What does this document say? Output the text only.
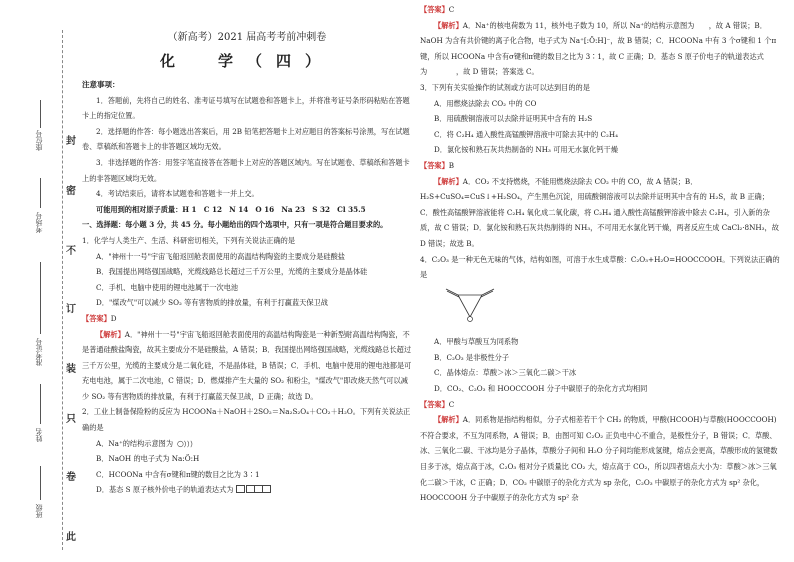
封
密
不
订
装
只
卷
此
座位号
考场号
准考证号
姓名
班级
（新高考）2021 届高考考前冲刺卷
化　学（四）
注意事项：

1．答题前，先将自己的姓名、准考证号填写在试题卷和答题卡上，并将准考证号条形码粘贴在答题卡上的指定位置。

2．选择题的作答：每小题选出答案后，用 2B 铅笔把答题卡上对应题目的答案标号涂黑，写在试题卷、草稿纸和答题卡上的非答题区域均无效。

3．非选择题的作答：用签字笔直接答在答题卡上对应的答题区域内。写在试题卷、草稿纸和答题卡上的非答题区域均无效。

4．考试结束后，请将本试题卷和答题卡一并上交。

可能用到的相对原子质量：H 1　C 12　N 14　O 16　Na 23　S 32　Cl 35.5

一、选择题：每小题 3 分，共 45 分。每小题给出的四个选项中，只有一项是符合题目要求的。

1．化学与人类生产、生活、科研密切相关，下列有关说法正确的是

A．"神州十一号"宇宙飞船返回舱表面使用的高温结构陶瓷的主要成分是硅酸盐

B．我国提出网络强国战略，光缆线路总长超过三千万公里，光缆的主要成分是晶体硅

C．手机、电脑中使用的锂电池属于一次电池

D．"煤改气"可以减少 SO₂ 等有害物质的排放量，有利于打赢蓝天保卫战

【答案】D

【解析】A．"神州十一号"宇宙飞船返回舱表面使用的高温结构陶瓷是一种新型耐高温结构陶瓷，不是普通硅酸盐陶瓷，故其主要成分不是硅酸盐，A 错误；B．我国提出网络强国战略，光缆线路总长超过三千万公里，光缆的主要成分是二氧化硅，不是晶体硅，B 错误；C．手机、电脑中使用的锂电池都是可充电电池，属于二次电池，C 错误；D．燃煤排产生大量的 SO₂ 和粉尘，"煤改气"即改烧天然气可以减少 SO₂ 等有害物质的排放量，有利于打赢蓝天保卫战，D 正确；故选 D。

2．工业上制备保险粉的反应为 HCOONa＋NaOH＋2SO₂＝Na₂S₂O₄＋CO₂＋H₂O。下列有关说法正确的是

A．Na⁺的结构示意图为

B．NaOH 的电子式为 Na:Ö:H

C．HCOONa 中含有σ键和π键的数目之比为 3∶1

D．基态 S 原子核外价电子的轨道表达式为

【答案】C

【解析】A．Na⁺的核电荷数为 11，核外电子数为 10，所以 Na⁺的结构示意图为　　，故 A 错误；B．NaOH 为含有共价键的离子化合物，电子式为 Na⁺[:Ö:H]⁻，故 B 错误；C．HCOONa 中有 3 个σ键和 1 个π键，所以 HCOONa 中含有σ键和π键的数目之比为 3∶1，故 C 正确；D．基态 S 原子价电子的轨道表达式为　　　　，故 D 错误；答案选 C。

3．下列有关实验操作的试剂或方法可以达到目的的是

A．用燃烧法除去 CO₂ 中的 CO

B．用硫酸铜溶液可以去除并证明其中含有的 H₂S

C．将 C₂H₄ 通入酸性高锰酸钾溶液中可除去其中的 C₂H₄

D．氯化铵和熟石灰共热制备的 NH₃ 可用无水氯化钙干燥

【答案】B

【解析】A．CO₂ 不支持燃烧，不能用燃烧法除去 CO₂ 中的 CO，故 A 错误；B．H₂S+CuSO₄=CuS↓+H₂SO₄，产生黑色沉淀，用硫酸铜溶液可以去除并证明其中含有的 H₂S，故 B 正确；C．酸性高锰酸钾溶液能将 C₂H₄ 氧化成二氧化碳，将 C₂H₄ 通入酸性高锰酸钾溶液中除去 C₂H₄，引入新的杂质，故 C 错误；D．氯化铵和熟石灰共热制得的 NH₃，不可用无水氯化钙干燥，两者反应生成 CaCl₂·8NH₃，故 D 错误；故选 B。

4．C₂O₃ 是一种无色无味的气体，结构如图，可溶于水生成草酸：C₂O₃+H₂O=HOOCCOOH。下列说法正确的是

A．甲酸与草酸互为同系物

B．C₂O₃ 是非极性分子

C．晶体熔点：草酸＞冰＞三氧化二碳＞干冰

D．CO₂、C₂O₃ 和 HOOCCOOH 分子中碳原子的杂化方式均相同

【答案】C

【解析】A．同系物是指结构相似，分子式相差若干个 CH₂ 的物质，甲酸(HCOOH)与草酸(HOOCCOOH)不符合要求，不互为同系物，A 错误；B．由图可知 C₂O₂ 正负电中心不重合，是极性分子，B 错误；C．草酸、冰、三氧化二碳、干冰均是分子晶体，草酸分子间和 H₂O 分子间均能形成氢键，熔点会更高，草酸形成的氢键数目多于冰，熔点高于冰，C₂O₃ 相对分子质量比 CO₂ 大，熔点高于 CO₂，所以四者熔点大小为：草酸＞冰＞三氧化二碳＞干冰，C 正确；D．CO₂ 中碳原子的杂化方式为 sp 杂化，C₂O₃ 中碳原子的杂化方式为 sp² 杂化，HOOCCOOH 分子中碳原子的杂化方式为 sp² 杂
